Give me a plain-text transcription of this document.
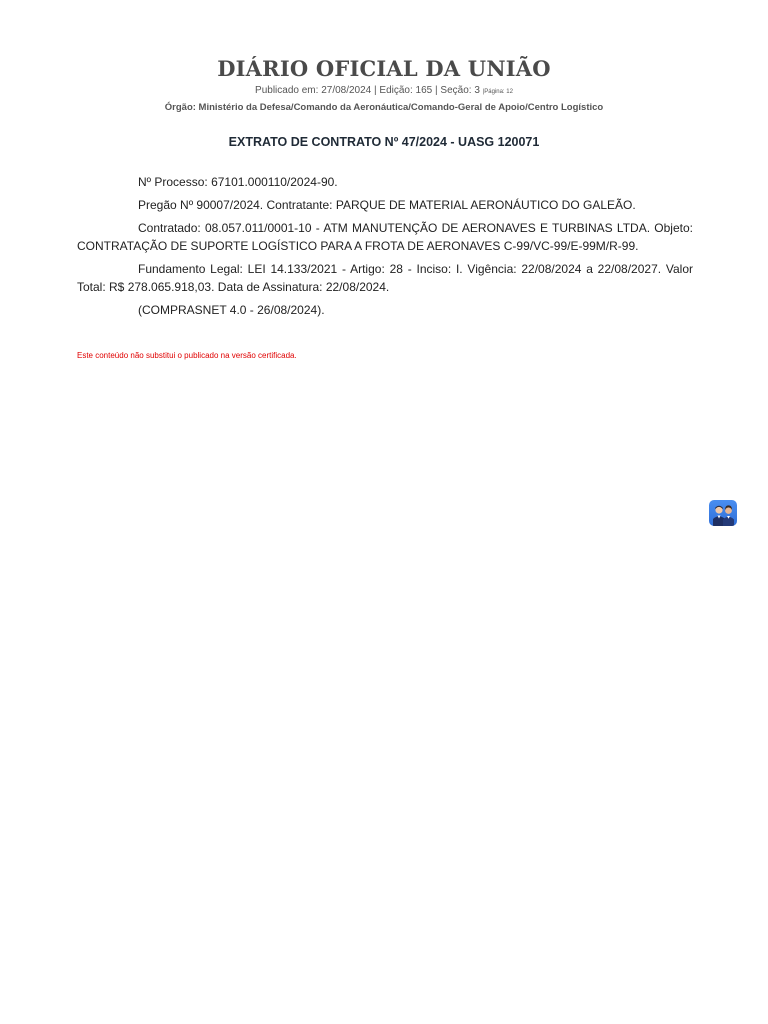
DIÁRIO OFICIAL DA UNIÃO
Publicado em: 27/08/2024 | Edição: 165 | Seção: 3 |Página: 12
Órgão: Ministério da Defesa/Comando da Aeronáutica/Comando-Geral de Apoio/Centro Logístico
EXTRATO DE CONTRATO Nº 47/2024 - UASG 120071

Nº Processo: 67101.000110/2024-90.

Pregão Nº 90007/2024. Contratante: PARQUE DE MATERIAL AERONÁUTICO DO GALEÃO.

Contratado: 08.057.011/0001-10 - ATM MANUTENÇÃO DE AERONAVES E TURBINAS LTDA. Objeto: CONTRATAÇÃO DE SUPORTE LOGÍSTICO PARA A FROTA DE AERONAVES C-99/VC-99/E-99M/R-99.

Fundamento Legal: LEI 14.133/2021 - Artigo: 28 - Inciso: I. Vigência: 22/08/2024 a 22/08/2027. Valor Total: R$ 278.065.918,03. Data de Assinatura: 22/08/2024.

(COMPRASNET 4.0 - 26/08/2024).

Este conteúdo não substitui o publicado na versão certificada.
